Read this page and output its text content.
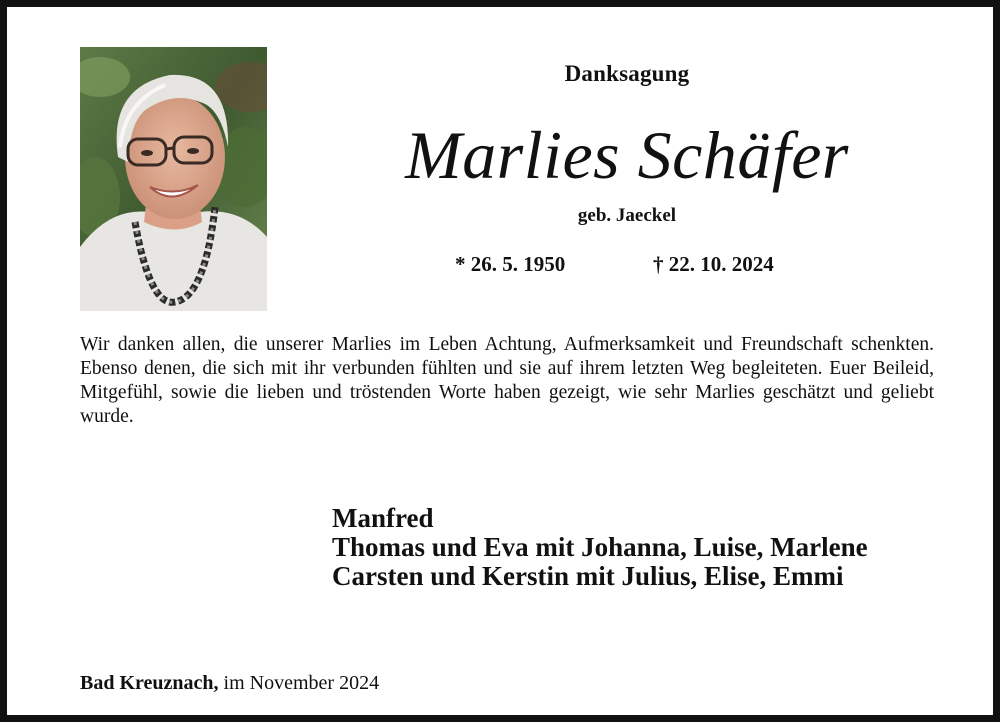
Danksagung
Marlies Schäfer
geb. Jaeckel
* 26. 5. 1950	† 22. 10. 2024
Wir danken allen, die unserer Marlies im Leben Achtung, Aufmerksamkeit und Freundschaft schenkten. Ebenso denen, die sich mit ihr verbunden fühlten und sie auf ihrem letzten Weg begleiteten. Euer Beileid, Mitgefühl, sowie die lieben und tröstenden Worte haben gezeigt, wie sehr Marlies geschätzt und geliebt wurde.
Manfred
Thomas und Eva mit Johanna, Luise, Marlene
Carsten und Kerstin mit Julius, Elise, Emmi
Bad Kreuznach, im November 2024
